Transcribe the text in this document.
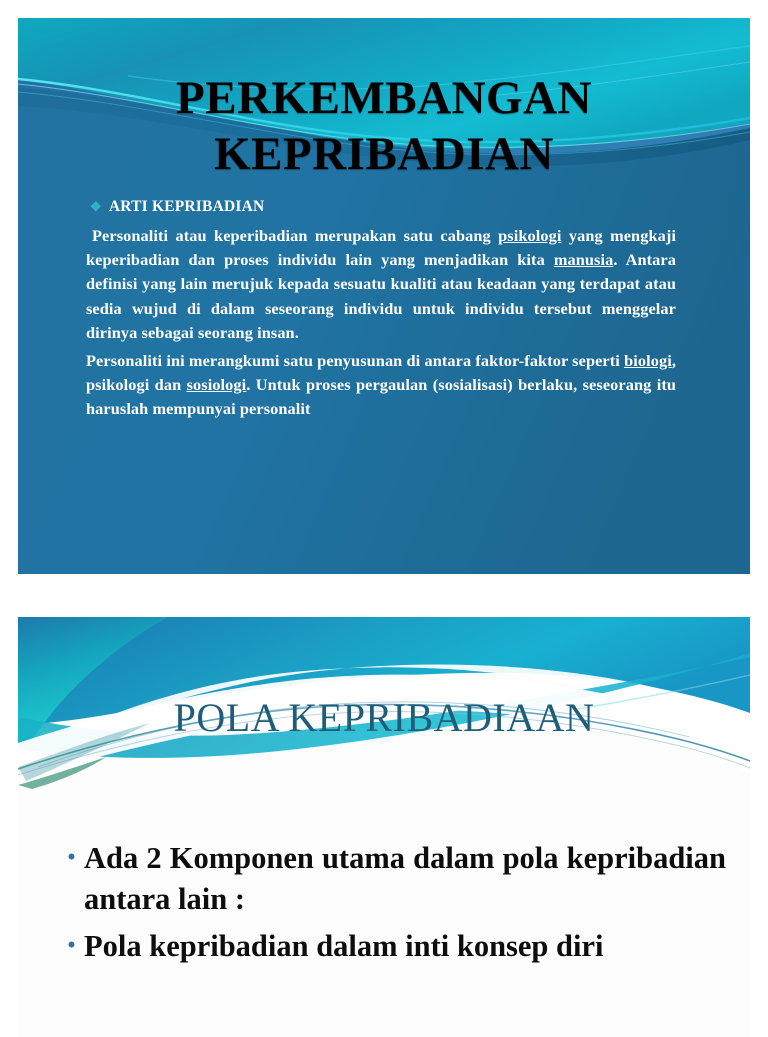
PERKEMBANGAN
KEPRIBADIAN
❖ ARTI KEPRIBADIAN

Personaliti atau keperibadian merupakan satu cabang psikologi yang mengkaji keperibadian dan proses individu lain yang menjadikan kita manusia. Antara definisi yang lain merujuk kepada sesuatu kualiti atau keadaan yang terdapat atau sedia wujud di dalam seseorang individu untuk individu tersebut menggelar dirinya sebagai seorang insan.

Personaliti ini merangkumi satu penyusunan di antara faktor-faktor seperti biologi, psikologi dan sosiologi. Untuk proses pergaulan (sosialisasi) berlaku, seseorang itu haruslah mempunyai personalit

POLA KEPRIBADIAAN
• Ada 2 Komponen utama dalam pola kepribadian antara lain :

• Pola kepribadian dalam inti konsep diri
